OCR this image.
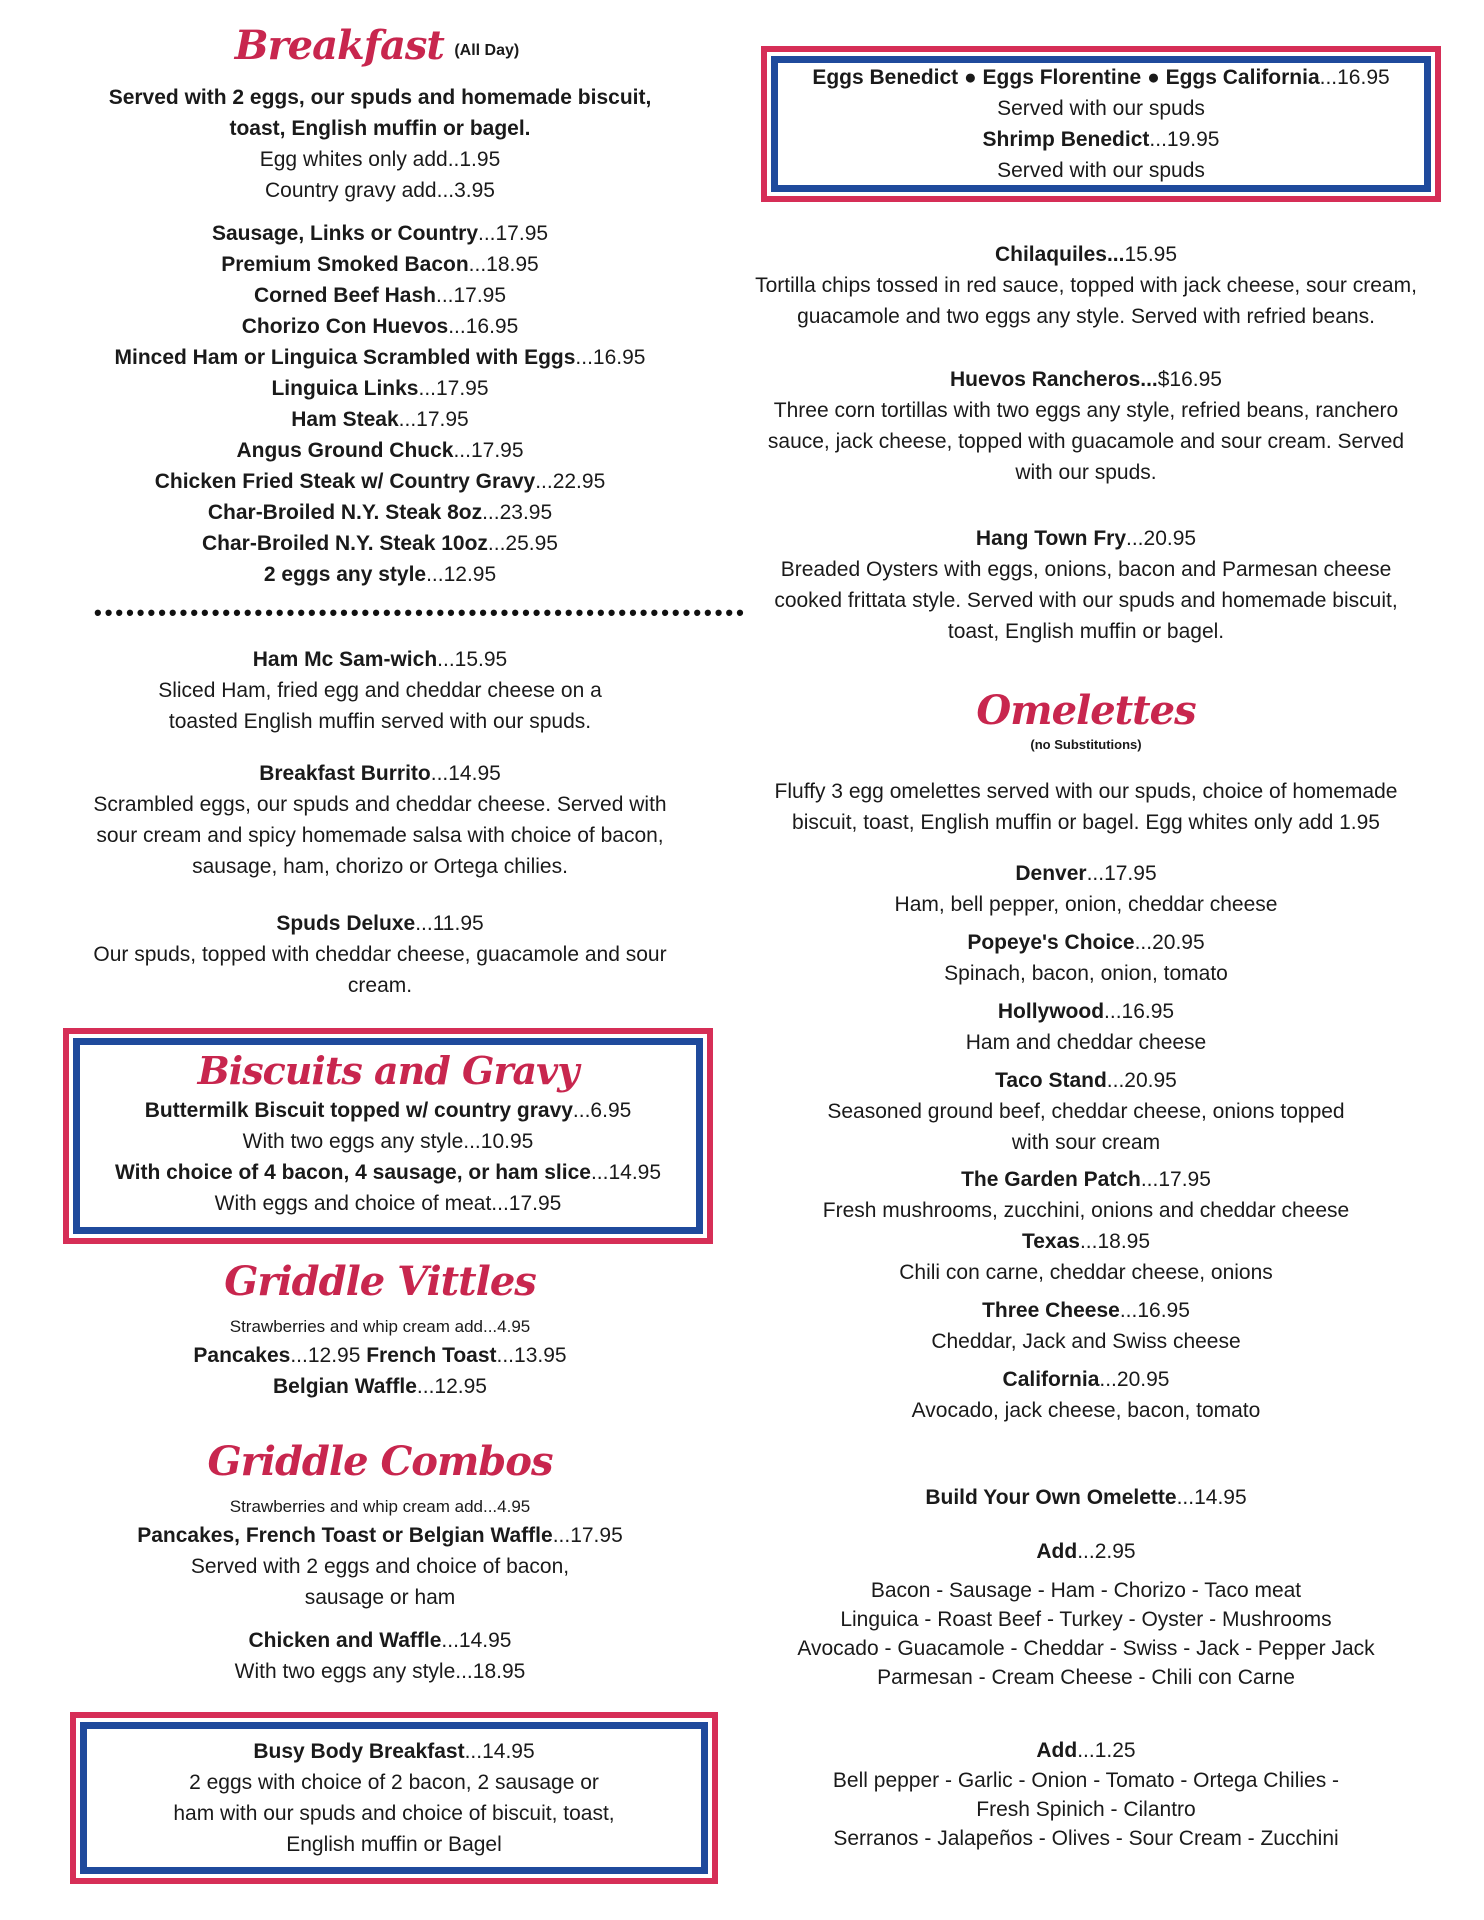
Breakfast (All Day)
Served with 2 eggs, our spuds and homemade biscuit,
toast, English muffin or bagel.
Egg whites only add..1.95
Country gravy add...3.95
Sausage, Links or Country...17.95
Premium Smoked Bacon...18.95
Corned Beef Hash...17.95
Chorizo Con Huevos...16.95
Minced Ham or Linguica Scrambled with Eggs...16.95
Linguica Links...17.95
Ham Steak...17.95
Angus Ground Chuck...17.95
Chicken Fried Steak w/ Country Gravy...22.95
Char-Broiled N.Y. Steak 8oz...23.95
Char-Broiled N.Y. Steak 10oz...25.95
2 eggs any style...12.95
•••••••••••••••••••••••••••••••••••••••••••••••••••••••••••••
Ham Mc Sam-wich...15.95
Sliced Ham, fried egg and cheddar cheese on a
toasted English muffin served with our spuds.
Breakfast Burrito...14.95
Scrambled eggs, our spuds and cheddar cheese. Served with
sour cream and spicy homemade salsa with choice of bacon,
sausage, ham, chorizo or Ortega chilies.
Spuds Deluxe...11.95
Our spuds, topped with cheddar cheese, guacamole and sour
cream.
Biscuits and Gravy
Buttermilk Biscuit topped w/ country gravy...6.95
With two eggs any style...10.95
With choice of 4 bacon, 4 sausage, or ham slice...14.95
With eggs and choice of meat...17.95
Griddle Vittles
Strawberries and whip cream add...4.95
Pancakes...12.95 French Toast...13.95
Belgian Waffle...12.95
Griddle Combos
Strawberries and whip cream add...4.95
Pancakes, French Toast or Belgian Waffle...17.95
Served with 2 eggs and choice of bacon,
sausage or ham
Chicken and Waffle...14.95
With two eggs any style...18.95
Busy Body Breakfast...14.95
2 eggs with choice of 2 bacon, 2 sausage or
ham with our spuds and choice of biscuit, toast,
English muffin or Bagel
Eggs Benedict ● Eggs Florentine ● Eggs California...16.95
Served with our spuds
Shrimp Benedict...19.95
Served with our spuds
Chilaquiles...15.95
Tortilla chips tossed in red sauce, topped with jack cheese, sour cream,
guacamole and two eggs any style. Served with refried beans.
Huevos Rancheros...$16.95
Three corn tortillas with two eggs any style, refried beans, ranchero
sauce, jack cheese, topped with guacamole and sour cream. Served
with our spuds.
Hang Town Fry...20.95
Breaded Oysters with eggs, onions, bacon and Parmesan cheese
cooked frittata style. Served with our spuds and homemade biscuit,
toast, English muffin or bagel.
Omelettes
(no Substitutions)
Fluffy 3 egg omelettes served with our spuds, choice of homemade
biscuit, toast, English muffin or bagel. Egg whites only add 1.95
Denver...17.95
Ham, bell pepper, onion, cheddar cheese
Popeye's Choice...20.95
Spinach, bacon, onion, tomato
Hollywood...16.95
Ham and cheddar cheese
Taco Stand...20.95
Seasoned ground beef, cheddar cheese, onions topped
with sour cream
The Garden Patch...17.95
Fresh mushrooms, zucchini, onions and cheddar cheese
Texas...18.95
Chili con carne, cheddar cheese, onions
Three Cheese...16.95
Cheddar, Jack and Swiss cheese
California...20.95
Avocado, jack cheese, bacon, tomato
Build Your Own Omelette...14.95
Add...2.95
Bacon - Sausage - Ham - Chorizo - Taco meat
Linguica - Roast Beef - Turkey - Oyster - Mushrooms
Avocado - Guacamole - Cheddar - Swiss - Jack - Pepper Jack
Parmesan - Cream Cheese - Chili con Carne
Add...1.25
Bell pepper - Garlic - Onion - Tomato - Ortega Chilies -
Fresh Spinich - Cilantro
Serranos - Jalapeños - Olives - Sour Cream - Zucchini
